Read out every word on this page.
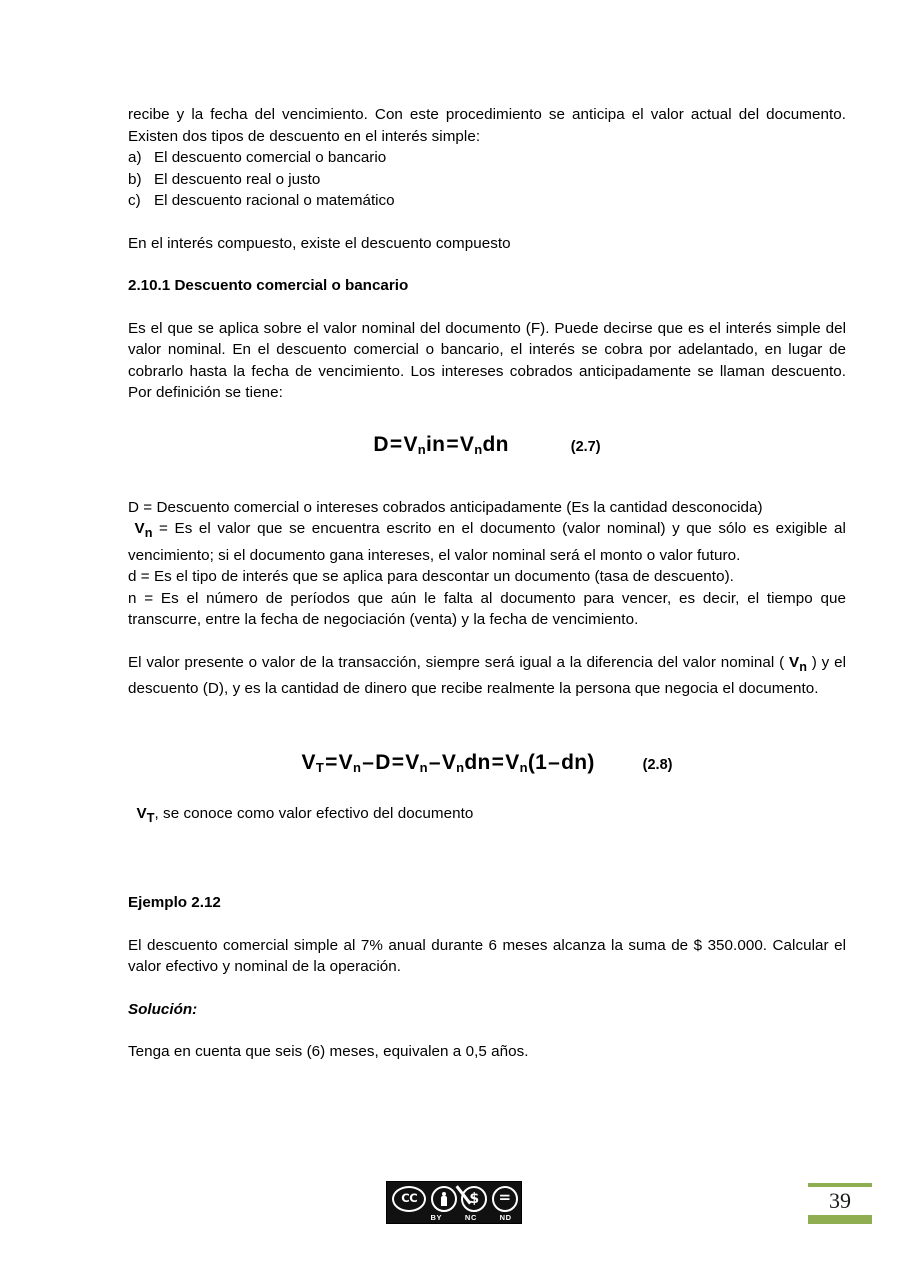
recibe y la fecha del vencimiento. Con este procedimiento se anticipa el valor actual del documento. Existen dos tipos de descuento en el interés simple:

a) El descuento comercial o bancario
b) El descuento real o justo
c) El descuento racional o matemático

En el interés compuesto, existe el descuento compuesto

2.10.1 Descuento comercial o bancario

Es el que se aplica sobre el valor nominal del documento (F). Puede decirse que es el interés simple del valor nominal. En el descuento comercial o bancario, el interés se cobra por adelantado, en lugar de cobrarlo hasta la fecha de vencimiento. Los intereses cobrados anticipadamente se llaman descuento. Por definición se tiene:

$D=V_nin=V_ndn$	(2.7)

D = Descuento comercial o intereses cobrados anticipadamente (Es la cantidad desconocida)

$V_n = Es$ el valor que se encuentra escrito en el documento (valor nominal) y que sólo es exigible al vencimiento; si el documento gana intereses, el valor nominal será el monto o valor futuro.

d = Es el tipo de interés que se aplica para descontar un documento (tasa de descuento).

n = Es el número de períodos que aún le falta al documento para vencer, es decir, el tiempo que transcurre, entre la fecha de negociación (venta) y la fecha de vencimiento.

El valor presente o valor de la transacción, siempre será igual a la diferencia del valor nominal ( $V_n$ ) y el descuento (D), y es la cantidad de dinero que recibe realmente la persona que negocia el documento.

$V_T=V_n-D=V_n-V_ndn=V_n(1-dn)$	(2.8)

$V_T$, se conoce como valor efectivo del documento

Ejemplo 2.12

El descuento comercial simple al 7% anual durante 6 meses alcanza la suma de $ 350.000. Calcular el valor efectivo y nominal de la operación.

Solución:

Tenga en cuenta que seis (6) meses, equivalen a 0,5 años.

CC	$ =
BY	NC	ND
39
